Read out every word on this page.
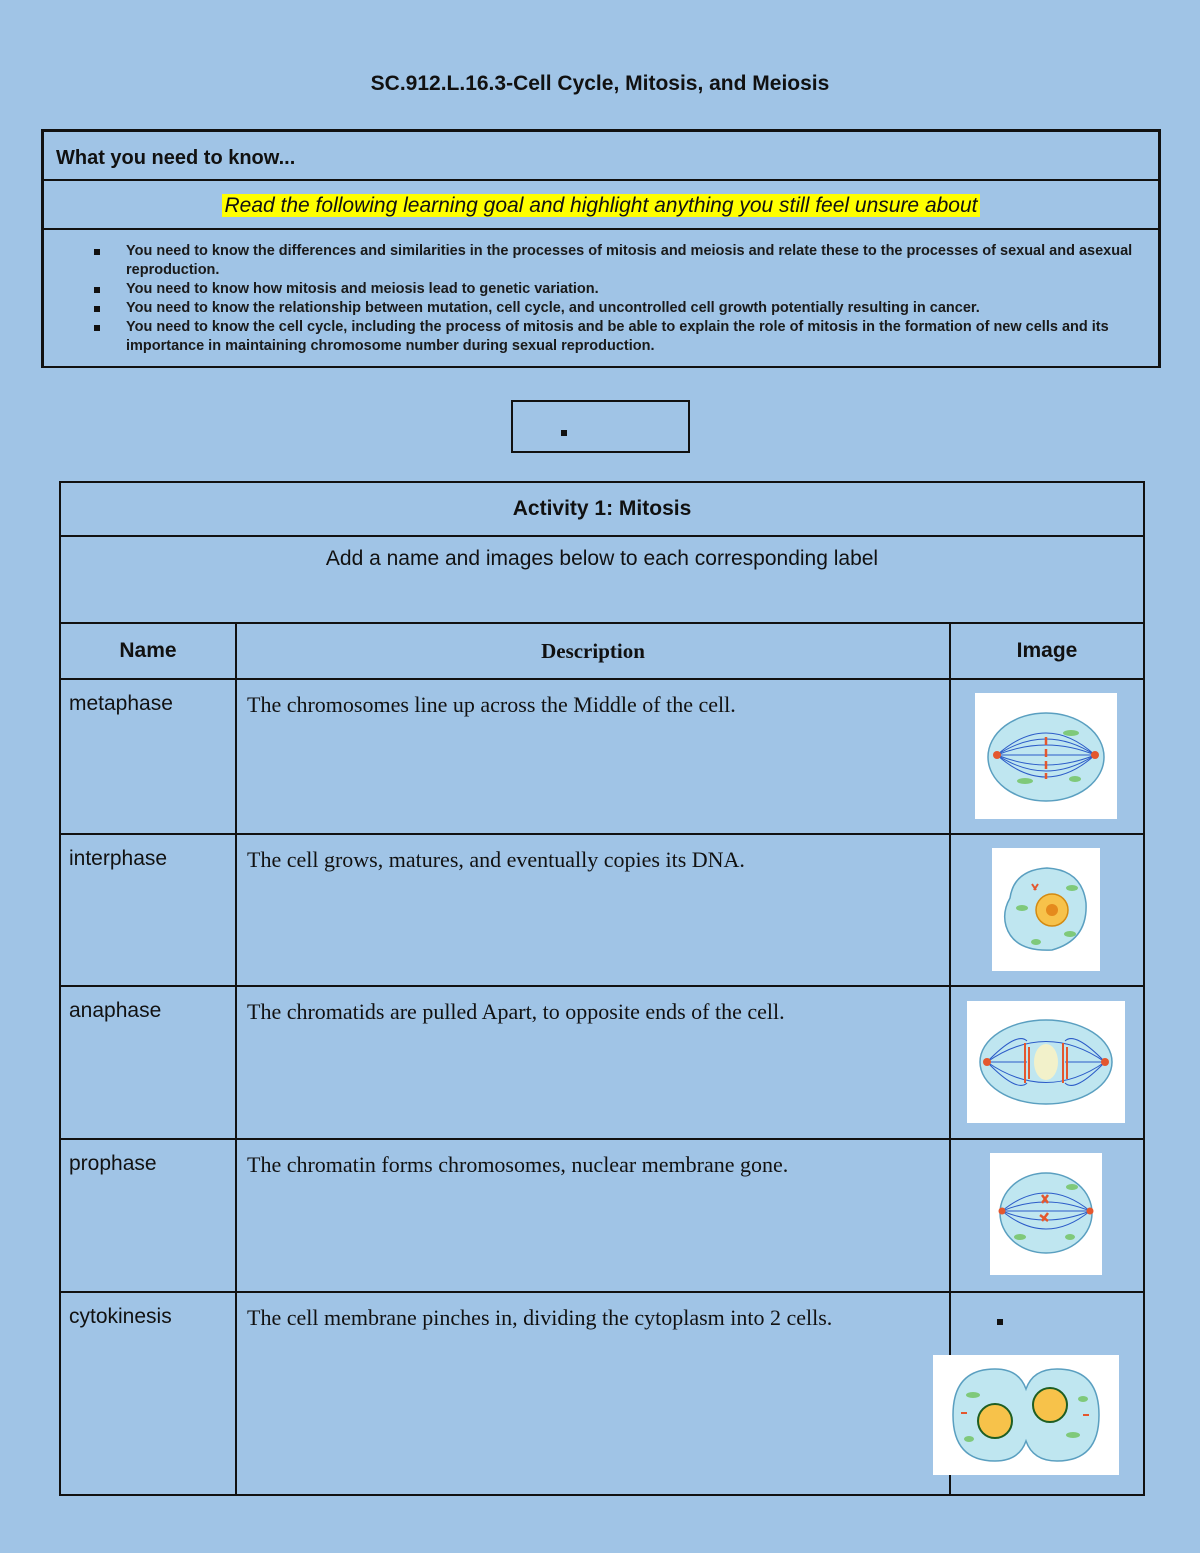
SC.912.L.16.3-Cell Cycle, Mitosis, and Meiosis
What you need to know...
Read the following learning goal and highlight anything you still feel unsure about
You need to know the differences and similarities in the processes of mitosis and meiosis and relate these to the processes of sexual and asexual reproduction.
You need to know how mitosis and meiosis lead to genetic variation.
You need to know the relationship between mutation, cell cycle, and uncontrolled cell growth potentially resulting in cancer.
You need to know the cell cycle, including the process of mitosis and be able to explain the role of mitosis in the formation of new cells and its importance in maintaining chromosome number during sexual reproduction.
Activity 1: Mitosis		
Add a name and images below to each corresponding label		
Name	Description	Image
metaphase	The chromosomes line up across the Middle of the cell.	

interphase	The cell grows, matures, and eventually copies its DNA.	

anaphase	The chromatids are pulled Apart, to opposite ends of the cell.	

prophase	The chromatin forms chromosomes, nuclear membrane gone.	

cytokinesis	The cell membrane pinches in, dividing the cytoplasm into 2 cells.	
